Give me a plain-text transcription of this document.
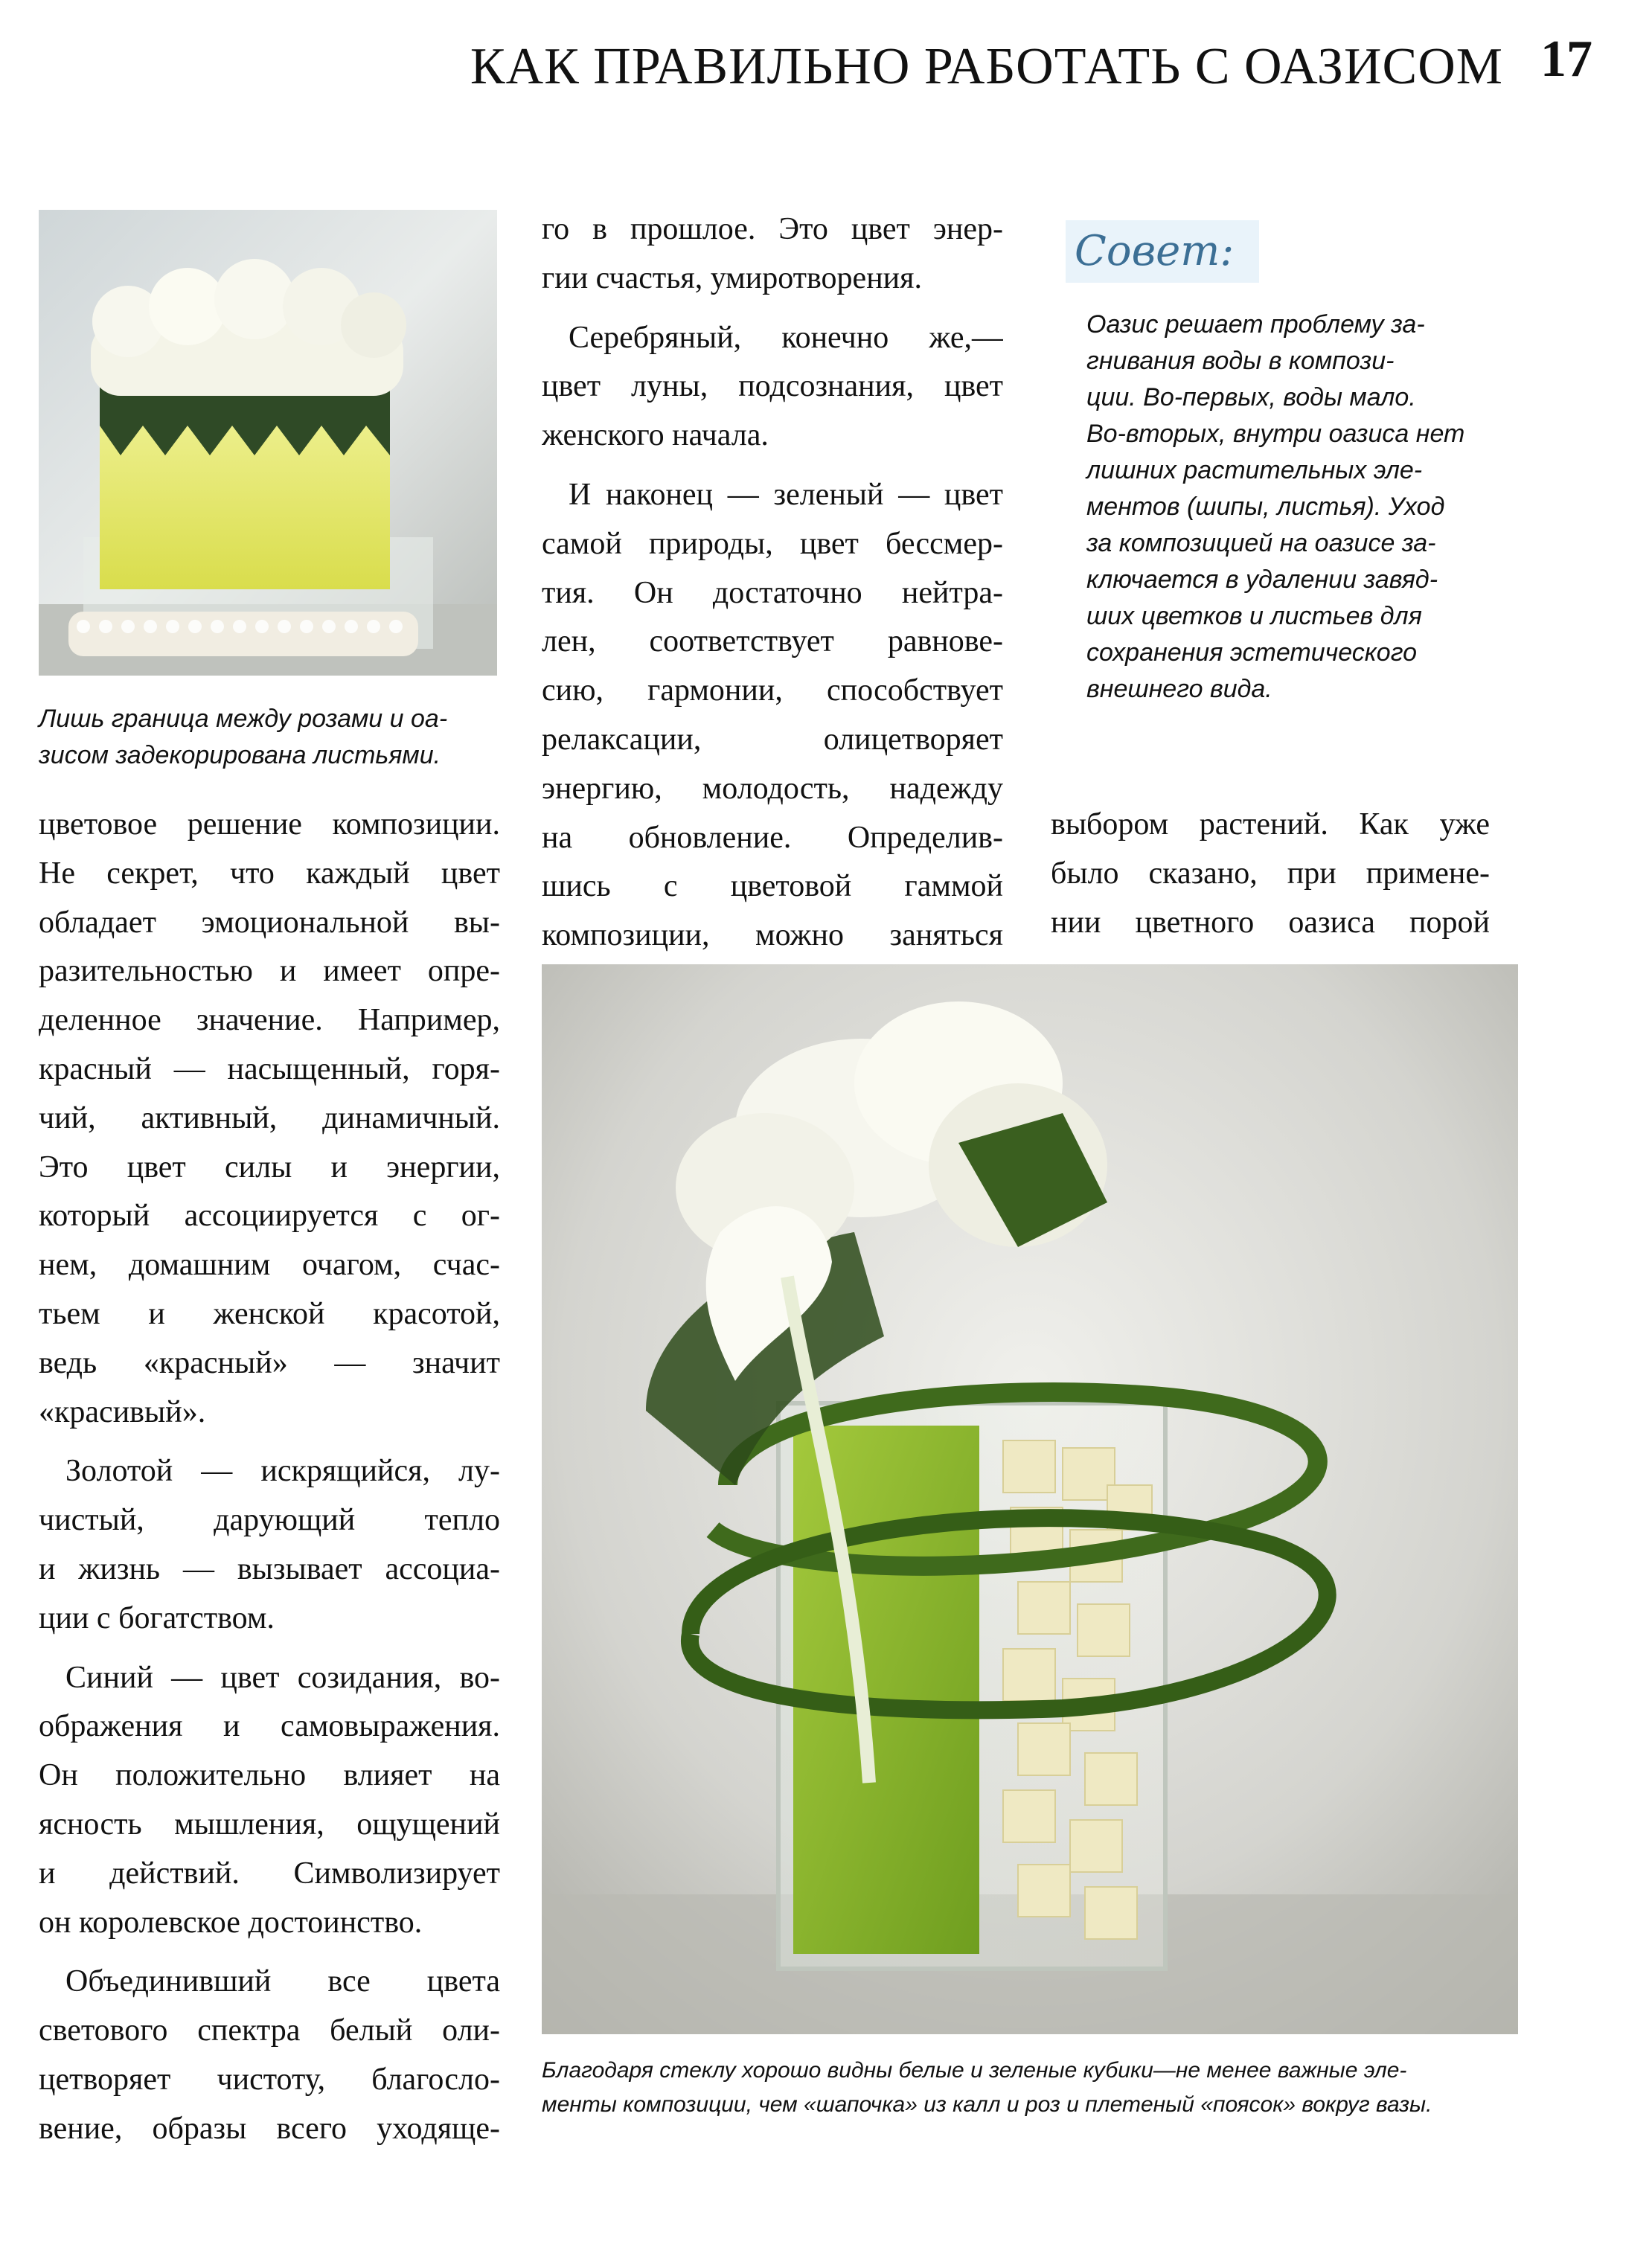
КАК ПРАВИЛЬНО РАБОТАТЬ С ОАЗИСОМ 17
Лишь граница между розами и оа-
зисом задекорирована листьями.
цветовое решение композиции.
Не секрет, что каждый цвет
обладает эмоциональной вы-
разительностью и имеет опре-
деленное значение. Например,
красный — насыщенный, горя-
чий, активный, динамичный.
Это цвет силы и энергии,
который ассоциируется с ог-
нем, домашним очагом, счас-
тьем и женской красотой,
ведь «красный» — значит
«красивый».
Золотой — искрящийся, лу-
чистый, дарующий тепло
и жизнь — вызывает ассоциа-
ции с богатством.
Синий — цвет созидания, во-
ображения и самовыражения.
Он положительно влияет на
ясность мышления, ощущений
и действий. Символизирует
он королевское достоинство.
Объединивший все цвета
светового спектра белый оли-
цетворяет чистоту, благосло-
вение, образы всего уходяще-
го в прошлое. Это цвет энер-
гии счастья, умиротворения.
Серебряный, конечно же,—
цвет луны, подсознания, цвет
женского начала.
И наконец — зеленый — цвет
самой природы, цвет бессмер-
тия. Он достаточно нейтра-
лен, соответствует равнове-
сию, гармонии, способствует
релаксации, олицетворяет
энергию, молодость, надежду
на обновление. Определив-
шись с цветовой гаммой
композиции, можно заняться
Совет:
Оазис решает проблему за-
гнивания воды в компози-
ции. Во-первых, воды мало.
Во-вторых, внутри оазиса нет
лишних растительных эле-
ментов (шипы, листья). Уход
за композицией на оазисе за-
ключается в удалении завяд-
ших цветков и листьев для
сохранения эстетического
внешнего вида.
выбором растений. Как уже
было сказано, при примене-
нии цветного оазиса порой
Благодаря стеклу хорошо видны белые и зеленые кубики—не менее важные эле-
менты композиции, чем «шапочка» из калл и роз и плетеный «поясок» вокруг вазы.
